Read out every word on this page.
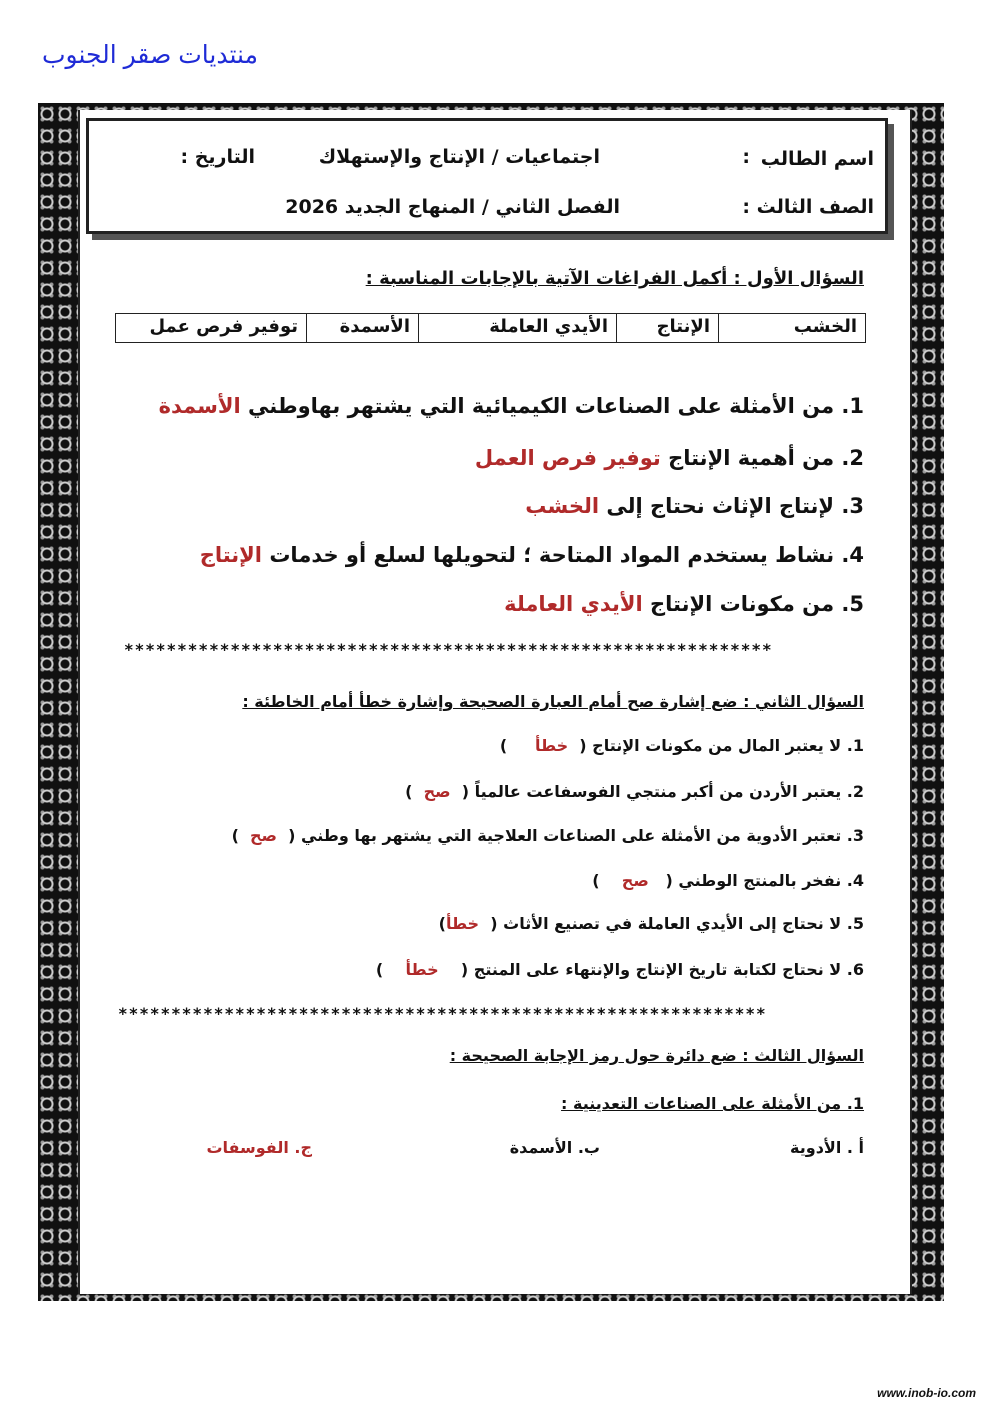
منتديات صقر الجنوب
اسم الطالب
:
اجتماعيات / الإنتاج والإستهلاك
التاريخ :
الصف الثالث :
الفصل الثاني / المنهاج الجديد 2026
السؤال الأول : أكمل الفراغات الآتية بالإجابات المناسبة :
الخشب
الإنتاج
الأيدي العاملة
الأسمدة
توفير فرص عمل
1. من الأمثلة على الصناعات الكيميائية التي يشتهر بهاوطني الأسمدة
2. من أهمية الإنتاج توفير فرص العمل
3. لإنتاج الإثاث نحتاج إلى الخشب
4. نشاط يستخدم المواد المتاحة ؛ لتحويلها لسلع أو خدمات الإنتاج
5. من مكونات الإنتاج الأيدي العاملة
*************************************************************
السؤال الثاني : ضع إشارة صح أمام العبارة الصحيحة وإشارة خطأ أمام الخاطئة :
1. لا يعتبر المال من مكونات الإنتاج (  خطأ     )
2. يعتبر الأردن من أكبر منتجي الفوسفاعت عالمياً (  صح  )
3. تعتبر الأدوية من الأمثلة على الصناعات العلاجية التي يشتهر بها وطني (  صح  )
4. نفخر بالمنتج الوطني (   صح    )
5. لا نحتاج إلى الأيدي العاملة في تصنيع الأثاث (  خطأ)
6. لا نحتاج لكتابة تاريخ الإنتاج والإنتهاء على المنتج (    خطأ    )
*************************************************************
السؤال الثالث : ضع دائرة حول رمز الإجابة الصحيحة :
1. من الأمثلة على الصناعات التعدينية :
أ . الأدوية
ب. الأسمدة
ج. الفوسفات
www.inob-io.com
